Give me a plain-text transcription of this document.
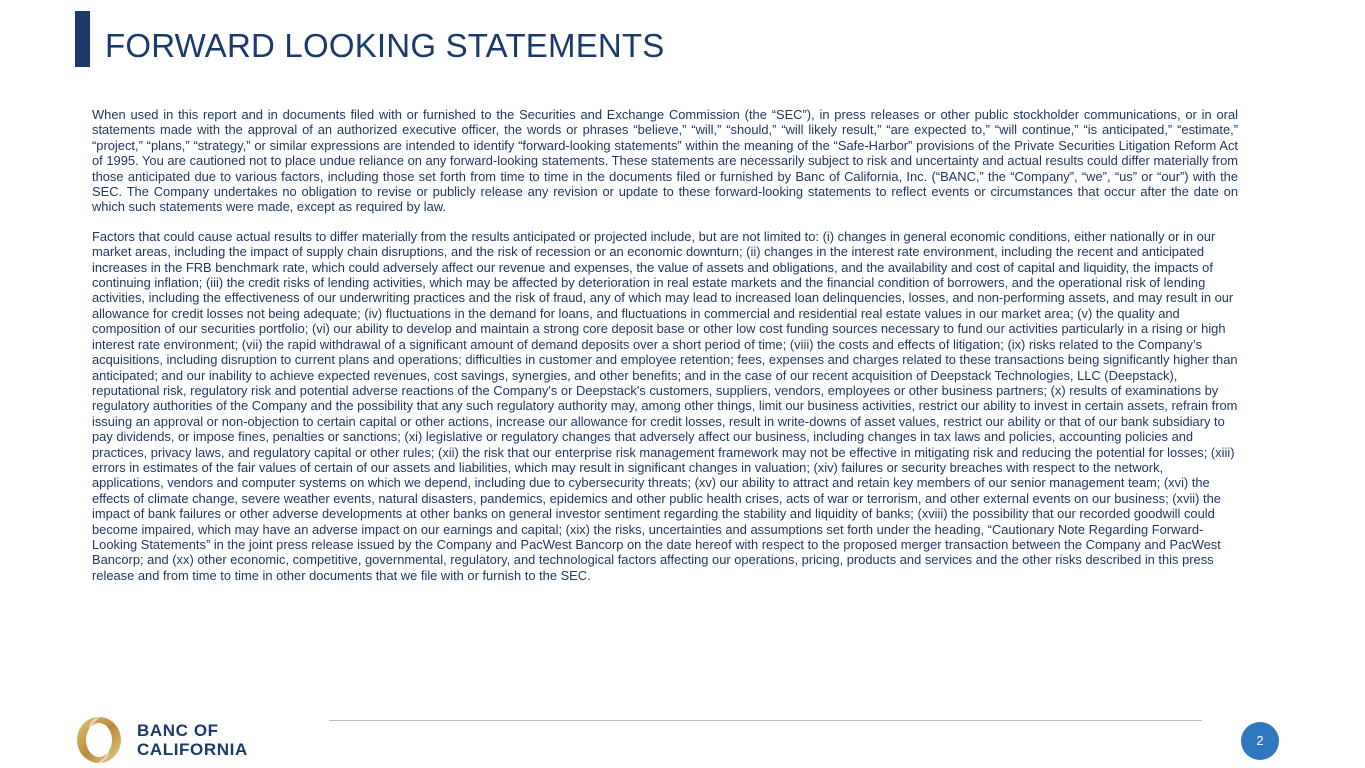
FORWARD LOOKING STATEMENTS

When used in this report and in documents filed with or furnished to the Securities and Exchange Commission (the “SEC”), in press releases or other public stockholder communications, or in oral statements made with the approval of an authorized executive officer, the words or phrases “believe,” “will,” “should,” “will likely result,” “are expected to,” “will continue,” “is anticipated,” “estimate,” “project,” “plans,” “strategy,” or similar expressions are intended to identify “forward-looking statements” within the meaning of the “Safe-Harbor” provisions of the Private Securities Litigation Reform Act of 1995. You are cautioned not to place undue reliance on any forward-looking statements. These statements are necessarily subject to risk and uncertainty and actual results could differ materially from those anticipated due to various factors, including those set forth from time to time in the documents filed or furnished by Banc of California, Inc. (“BANC,” the “Company”, “we”, “us” or “our”) with the SEC. The Company undertakes no obligation to revise or publicly release any revision or update to these forward-looking statements to reflect events or circumstances that occur after the date on which such statements were made, except as required by law.

Factors that could cause actual results to differ materially from the results anticipated or projected include, but are not limited to: (i) changes in general economic conditions, either nationally or in our market areas, including the impact of supply chain disruptions, and the risk of recession or an economic downturn; (ii) changes in the interest rate environment, including the recent and anticipated increases in the FRB benchmark rate, which could adversely affect our revenue and expenses, the value of assets and obligations, and the availability and cost of capital and liquidity, the impacts of continuing inflation; (iii) the credit risks of lending activities, which may be affected by deterioration in real estate markets and the financial condition of borrowers, and the operational risk of lending activities, including the effectiveness of our underwriting practices and the risk of fraud, any of which may lead to increased loan delinquencies, losses, and non-performing assets, and may result in our allowance for credit losses not being adequate; (iv) fluctuations in the demand for loans, and fluctuations in commercial and residential real estate values in our market area; (v) the quality and composition of our securities portfolio; (vi) our ability to develop and maintain a strong core deposit base or other low cost funding sources necessary to fund our activities particularly in a rising or high interest rate environment; (vii) the rapid withdrawal of a significant amount of demand deposits over a short period of time; (viii) the costs and effects of litigation; (ix) risks related to the Company’s acquisitions, including disruption to current plans and operations; difficulties in customer and employee retention; fees, expenses and charges related to these transactions being significantly higher than anticipated; and our inability to achieve expected revenues, cost savings, synergies, and other benefits; and in the case of our recent acquisition of Deepstack Technologies, LLC (Deepstack), reputational risk, regulatory risk and potential adverse reactions of the Company's or Deepstack's customers, suppliers, vendors, employees or other business partners; (x) results of examinations by regulatory authorities of the Company and the possibility that any such regulatory authority may, among other things, limit our business activities, restrict our ability to invest in certain assets, refrain from issuing an approval or non-objection to certain capital or other actions, increase our allowance for credit losses, result in write-downs of asset values, restrict our ability or that of our bank subsidiary to pay dividends, or impose fines, penalties or sanctions; (xi) legislative or regulatory changes that adversely affect our business, including changes in tax laws and policies, accounting policies and practices, privacy laws, and regulatory capital or other rules; (xii) the risk that our enterprise risk management framework may not be effective in mitigating risk and reducing the potential for losses; (xiii) errors in estimates of the fair values of certain of our assets and liabilities, which may result in significant changes in valuation; (xiv) failures or security breaches with respect to the network, applications, vendors and computer systems on which we depend, including due to cybersecurity threats; (xv) our ability to attract and retain key members of our senior management team; (xvi) the effects of climate change, severe weather events, natural disasters, pandemics, epidemics and other public health crises, acts of war or terrorism, and other external events on our business; (xvii) the impact of bank failures or other adverse developments at other banks on general investor sentiment regarding the stability and liquidity of banks; (xviii) the possibility that our recorded goodwill could become impaired, which may have an adverse impact on our earnings and capital; (xix) the risks, uncertainties and assumptions set forth under the heading, “Cautionary Note Regarding Forward-Looking Statements” in the joint press release issued by the Company and PacWest Bancorp on the date hereof with respect to the proposed merger transaction between the Company and PacWest Bancorp; and (xx) other economic, competitive, governmental, regulatory, and technological factors affecting our operations, pricing, products and services and the other risks described in this press release and from time to time in other documents that we file with or furnish to the SEC.

BANC OF
CALIFORNIA	2
